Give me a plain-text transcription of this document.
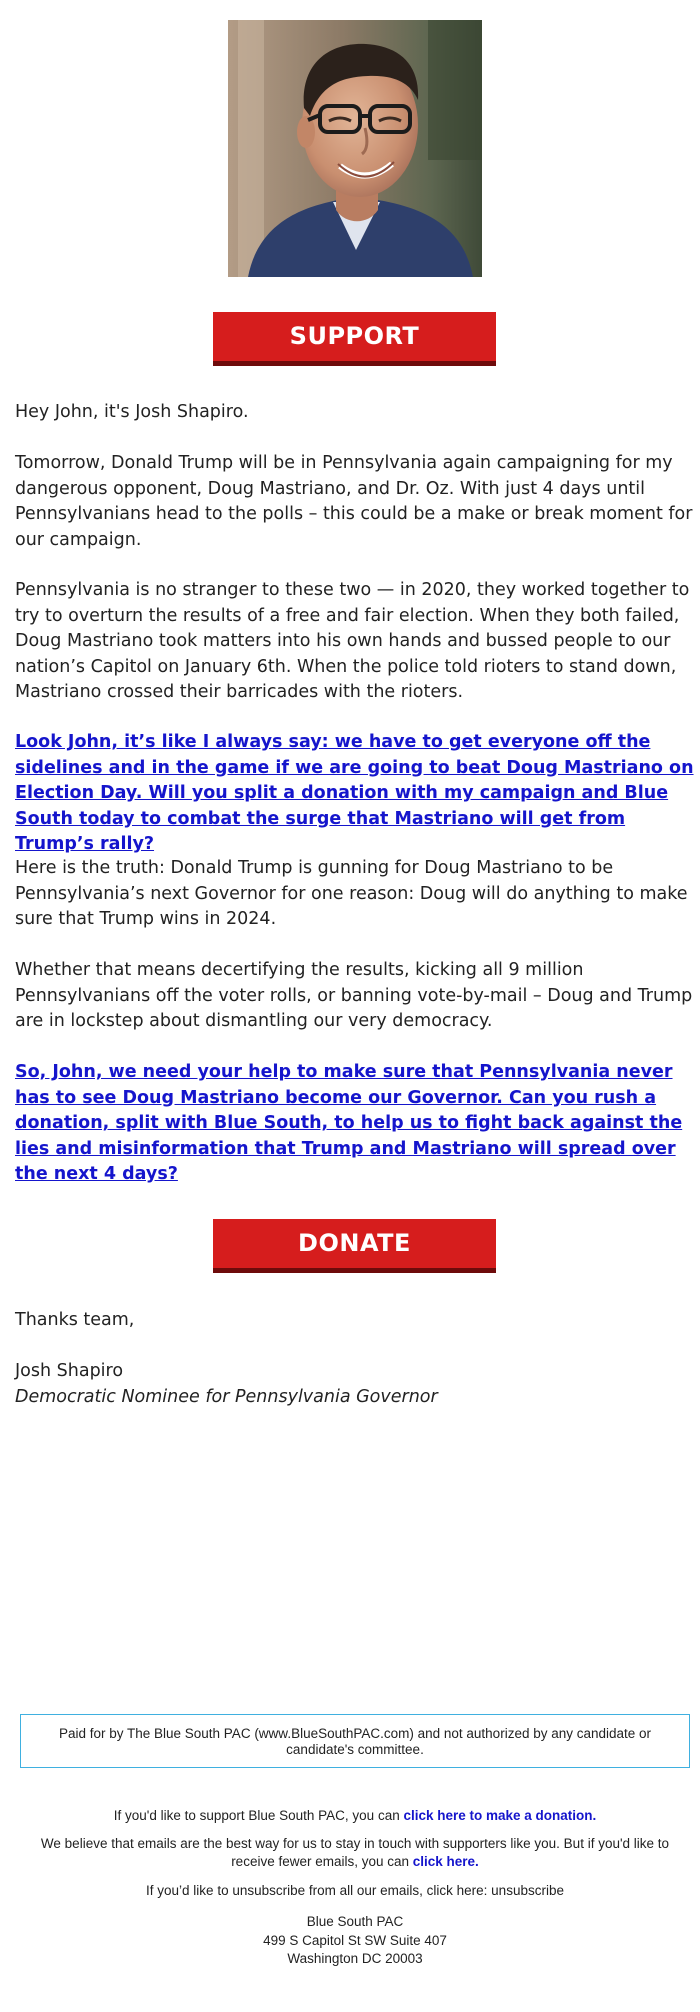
SUPPORT

Hey John, it's Josh Shapiro.

Tomorrow, Donald Trump will be in Pennsylvania again campaigning for my dangerous opponent, Doug Mastriano, and Dr. Oz. With just 4 days until Pennsylvanians head to the polls – this could be a make or break moment for our campaign.

Pennsylvania is no stranger to these two — in 2020, they worked together to try to overturn the results of a free and fair election. When they both failed, Doug Mastriano took matters into his own hands and bussed people to our nation’s Capitol on January 6th. When the police told rioters to stand down, Mastriano crossed their barricades with the rioters.

Look John, it’s like I always say: we have to get everyone off the sidelines and in the game if we are going to beat Doug Mastriano on Election Day. Will you split a donation with my campaign and Blue South today to combat the surge that Mastriano will get from Trump’s rally?

Here is the truth: Donald Trump is gunning for Doug Mastriano to be Pennsylvania’s next Governor for one reason: Doug will do anything to make sure that Trump wins in 2024.

Whether that means decertifying the results, kicking all 9 million Pennsylvanians off the voter rolls, or banning vote-by-mail – Doug and Trump are in lockstep about dismantling our very democracy.

So, John, we need your help to make sure that Pennsylvania never has to see Doug Mastriano become our Governor. Can you rush a donation, split with Blue South, to help us to fight back against the lies and misinformation that Trump and Mastriano will spread over the next 4 days?

DONATE

Thanks team,

Josh Shapiro

Democratic Nominee for Pennsylvania Governor

Paid for by The Blue South PAC (www.BlueSouthPAC.com) and not authorized by any candidate or candidate's committee.

If you'd like to support Blue South PAC, you can click here to make a donation.

We believe that emails are the best way for us to stay in touch with supporters like you. But if you'd like to receive fewer emails, you can click here.

If you’d like to unsubscribe from all our emails, click here: unsubscribe

Blue South PAC
499 S Capitol St SW Suite 407
Washington DC 20003
